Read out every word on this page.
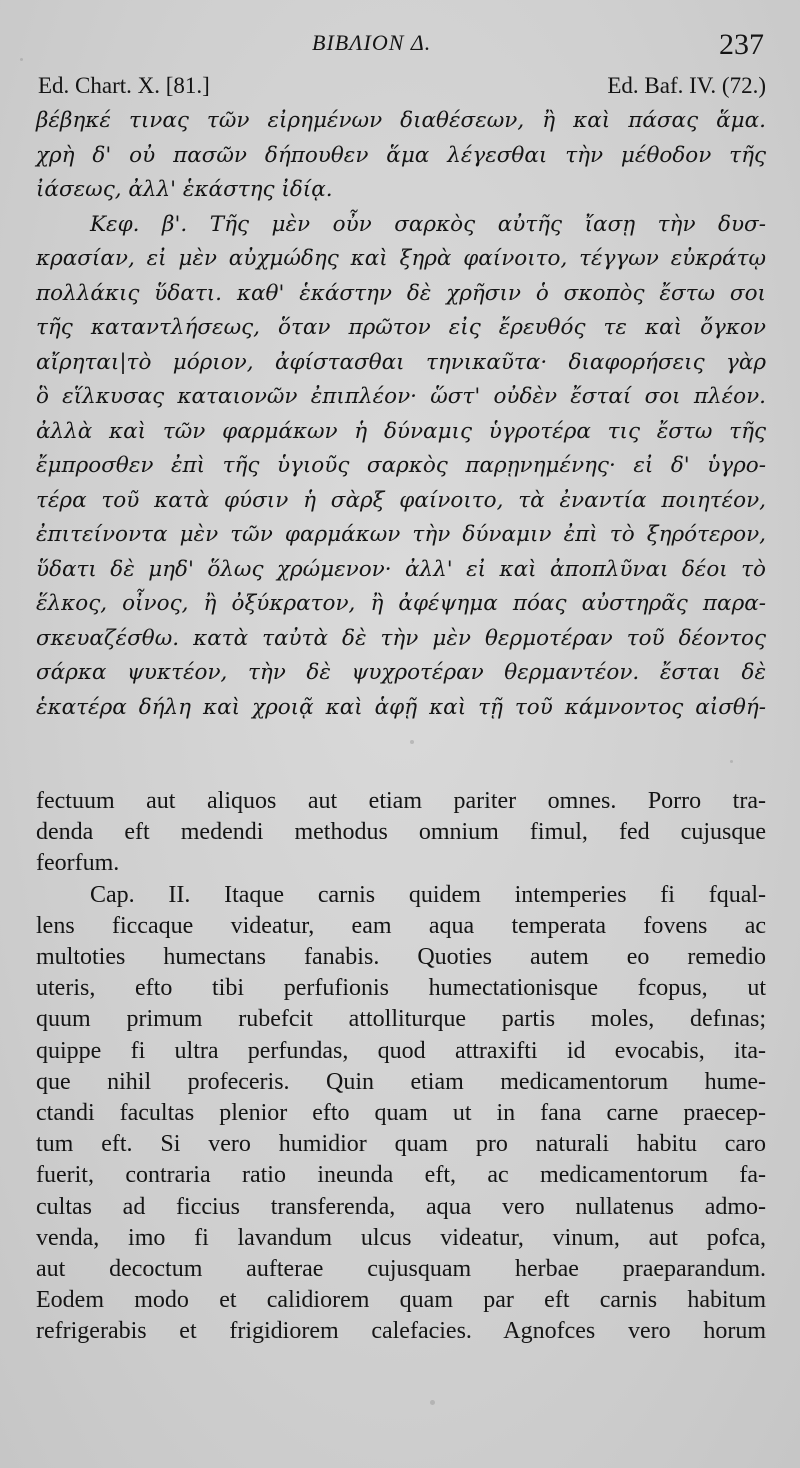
BIBΛION Δ.	237
Ed. Chart. X. [81.]	Ed. Baf. IV. (72.)
βέβηκέ τινας τῶν εἰρημένων διαθέσεων, ἢ καὶ πάσας ἅμα.
χρὴ δ' οὐ πασῶν δήπουθεν ἅμα λέγεσθαι τὴν μέθοδον τῆς
ἰάσεως, ἀλλ' ἑκάστης ἰδίᾳ.
Κεφ. β'. Τῆς μὲν οὖν σαρκὸς αὐτῆς ἴασῃ τὴν δυσ-
κρασίαν, εἰ μὲν αὐχμώδης καὶ ξηρὰ φαίνοιτο, τέγγων εὐκράτῳ
πολλάκις ὕδατι. καθ' ἑκάστην δὲ χρῆσιν ὁ σκοπὸς ἔστω σοι
τῆς καταντλήσεως, ὅταν πρῶτον εἰς ἔρευθός τε καὶ ὄγκον
αἴρηται|τὸ μόριον, ἀφίστασθαι τηνικαῦτα· διαφορήσεις γὰρ
ὃ εἵλκυσας καταιονῶν ἐπιπλέον· ὥστ' οὐδὲν ἔσταί σοι πλέον.
ἀλλὰ καὶ τῶν φαρμάκων ἡ δύναμις ὑγροτέρα τις ἔστω τῆς
ἔμπροσθεν ἐπὶ τῆς ὑγιοῦς σαρκὸς παρῃνημένης· εἰ δ' ὑγρο-
τέρα τοῦ κατὰ φύσιν ἡ σὰρξ φαίνοιτο, τὰ ἐναντία ποιητέον,
ἐπιτείνοντα μὲν τῶν φαρμάκων τὴν δύναμιν ἐπὶ τὸ ξηρότερον,
ὕδατι δὲ μηδ' ὅλως χρώμενον· ἀλλ' εἰ καὶ ἀποπλῦναι δέοι τὸ
ἕλκος, οἶνος, ἢ ὀξύκρατον, ἢ ἀφέψημα πόας αὐστηρᾶς παρα-
σκευαζέσθω. κατὰ ταὐτὰ δὲ τὴν μὲν θερμοτέραν τοῦ δέοντος
σάρκα ψυκτέον, τὴν δὲ ψυχροτέραν θερμαντέον. ἔσται δὲ
ἑκατέρα δήλη καὶ χροιᾷ καὶ ἁφῇ καὶ τῇ τοῦ κάμνοντος αἰσθή-
fectuum aut aliquos aut etiam pariter omnes. Porro tra-
denda eft medendi methodus omnium fimul, fed cujusque
feorfum.
Cap. II. Itaque carnis quidem intemperies fi fqual-
lens ficcaque videatur, eam aqua temperata fovens ac
multoties humectans fanabis. Quoties autem eo remedio
uteris, efto tibi perfufionis humectationisque fcopus, ut
quum primum rubefcit attolliturque partis moles, defınas;
quippe fi ultra perfundas, quod attraxifti id evocabis, ita-
que nihil profeceris. Quin etiam medicamentorum hume-
ctandi facultas plenior efto quam ut in fana carne praecep-
tum eft. Si vero humidior quam pro naturali habitu caro
fuerit, contraria ratio ineunda eft, ac medicamentorum fa-
cultas ad ficcius transferenda, aqua vero nullatenus admo-
venda, imo fi lavandum ulcus videatur, vinum, aut pofca,
aut decoctum aufterae cujusquam herbae praeparandum.
Eodem modo et calidiorem quam par eft carnis habitum
refrigerabis et frigidiorem calefacies. Agnofces vero horum
